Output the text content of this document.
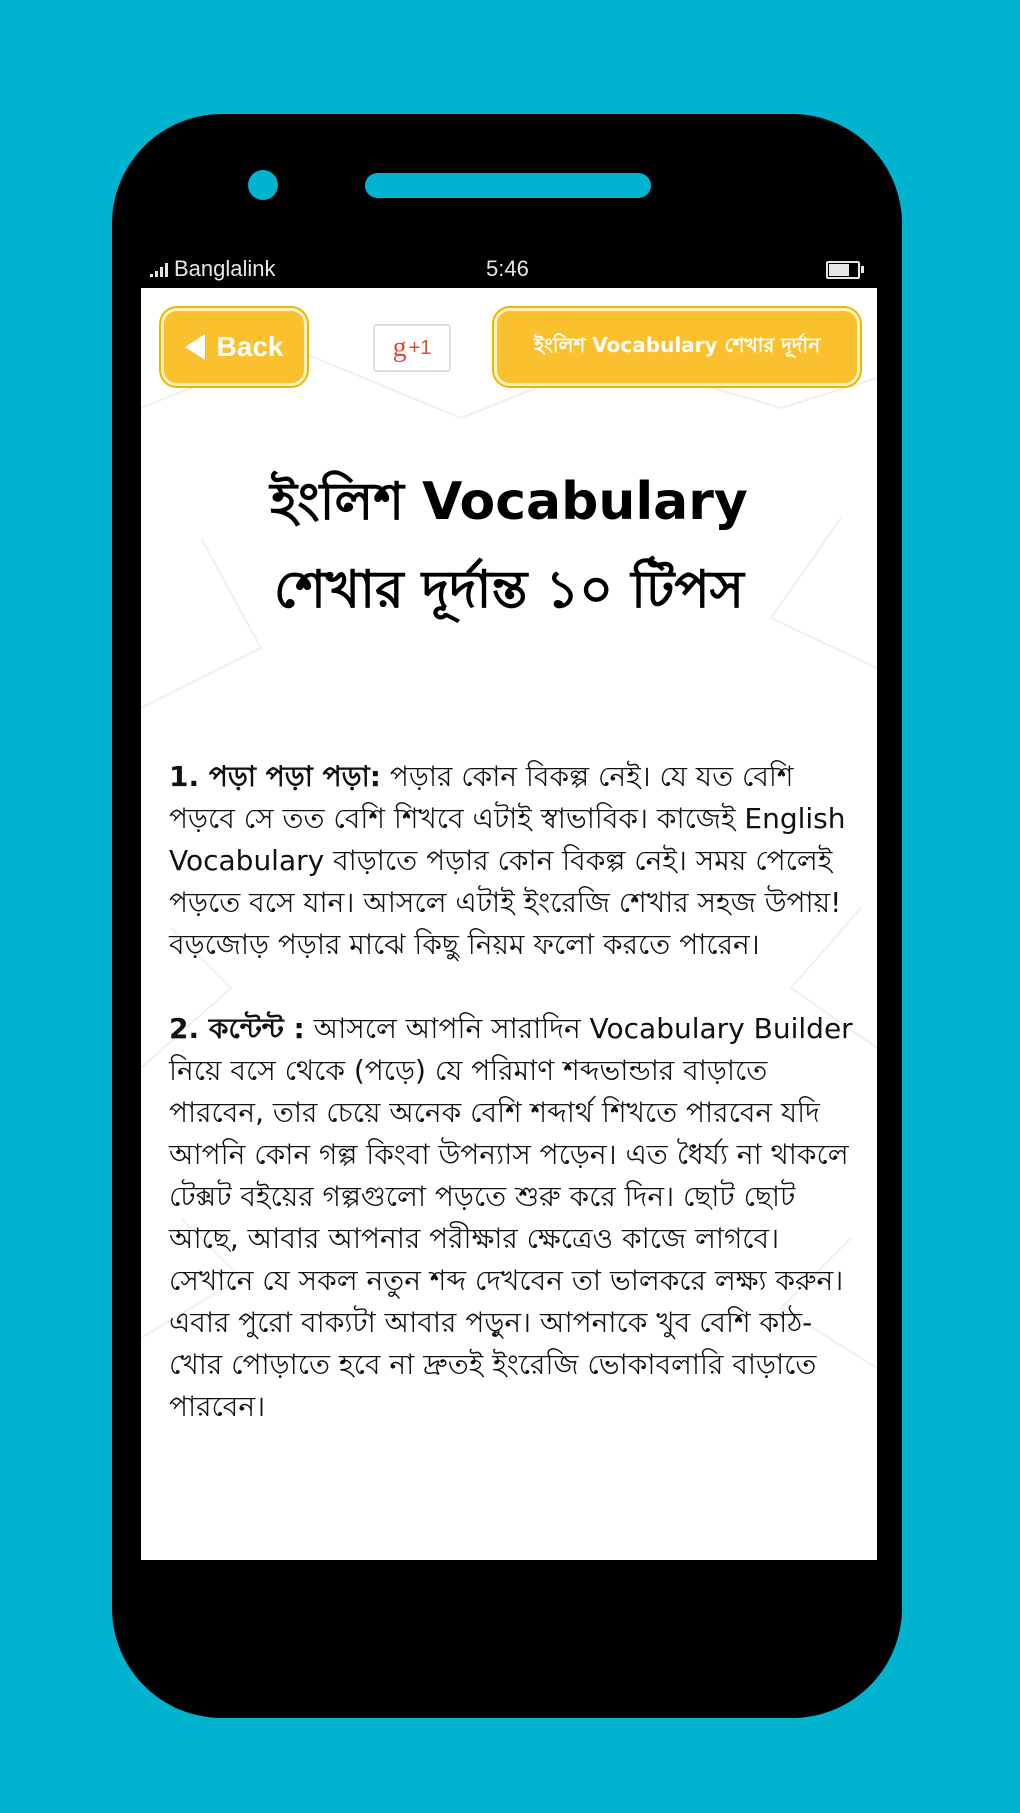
Banglalink	5:46
Back	g +1	ইংলিশ Vocabulary শেখার দূর্দান
ইংলিশ Vocabulary
শেখার দূর্দান্ত ১০ টিপস

1. পড়া পড়া পড়া: পড়ার কোন বিকল্প নেই। যে যত বেশি পড়বে সে তত বেশি শিখবে এটাই স্বাভাবিক। কাজেই English Vocabulary বাড়াতে পড়ার কোন বিকল্প নেই। সময় পেলেই পড়তে বসে যান। আসলে এটাই ইংরেজি শেখার সহজ উপায়! বড়জোড় পড়ার মাঝে কিছু নিয়ম ফলো করতে পারেন।

2. কন্টেন্ট : আসলে আপনি সারাদিন Vocabulary Builder নিয়ে বসে থেকে (পড়ে) যে পরিমাণ শব্দভান্ডার বাড়াতে পারবেন, তার চেয়ে অনেক বেশি শব্দার্থ শিখতে পারবেন যদি আপনি কোন গল্প কিংবা উপন্যাস পড়েন। এত ধৈর্য্য না থাকলে টেক্সট বইয়ের গল্পগুলো পড়তে শুরু করে দিন। ছোট ছোট আছে, আবার আপনার পরীক্ষার ক্ষেত্রেও কাজে লাগবে। সেখানে যে সকল নতুন শব্দ দেখবেন তা ভালকরে লক্ষ্য করুন। এবার পুরো বাক্যটা আবার পড়ুন। আপনাকে খুব বেশি কাঠ-খোর পোড়াতে হবে না দ্রুতই ইংরেজি ভোকাবলারি বাড়াতে পারবেন।
